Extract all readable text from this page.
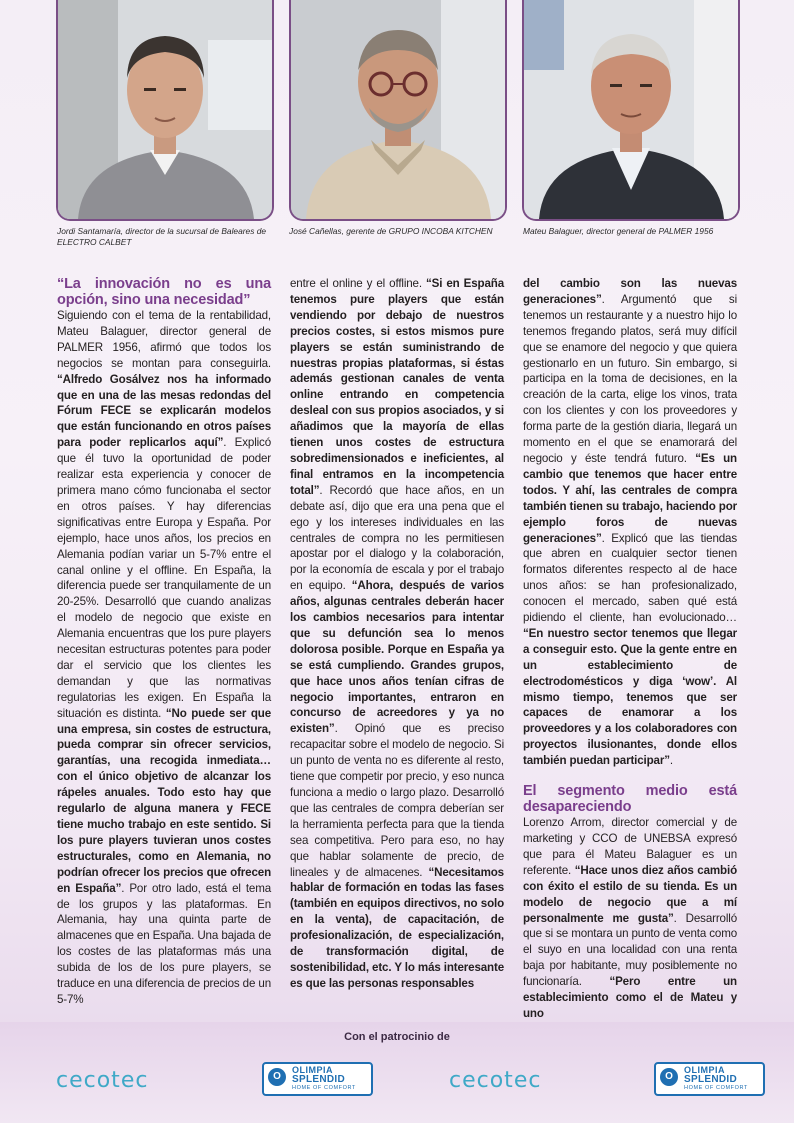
Jordi Santamaría, director de la sucursal de Baleares de ELECTRO CALBET
José Cañellas, gerente de GRUPO INCOBA KITCHEN	Mateu Balaguer, director general de PALMER 1956

“La innovación no es una opción, sino una necesidad”

Siguiendo con el tema de la rentabilidad, Mateu Balaguer, director general de PALMER 1956, afirmó que todos los negocios se montan para conseguirla. “Alfredo Gosálvez nos ha informado que en una de las mesas redondas del Fórum FECE se explicarán modelos que están funcionando en otros países para poder replicarlos aquí”. Explicó que él tuvo la oportunidad de poder realizar esta experiencia y conocer de primera mano cómo funcionaba el sector en otros países. Y hay diferencias significativas entre Europa y España. Por ejemplo, hace unos años, los precios en Alemania podían variar un 5-7% entre el canal online y el offline. En España, la diferencia puede ser tranquilamente de un 20-25%. Desarrolló que cuando analizas el modelo de negocio que existe en Alemania encuentras que los pure players necesitan estructuras potentes para poder dar el servicio que los clientes les demandan y que las normativas regulatorias les exigen. En España la situación es distinta. “No puede ser que una empresa, sin costes de estructura, pueda comprar sin ofrecer servicios, garantías, una recogida inmediata… con el único objetivo de alcanzar los rápeles anuales. Todo esto hay que regularlo de alguna manera y FECE tiene mucho trabajo en este sentido. Si los pure players tuvieran unos costes estructurales, como en Alemania, no podrían ofrecer los precios que ofrecen en España”. Por otro lado, está el tema de los grupos y las plataformas. En Alemania, hay una quinta parte de almacenes que en España. Una bajada de los costes de las plataformas más una subida de los de los pure players, se traduce en una diferencia de precios de un 5-7%

entre el online y el offline. “Si en España tenemos pure players que están vendiendo por debajo de nuestros precios costes, si estos mismos pure players se están suministrando de nuestras propias plataformas, si éstas además gestionan canales de venta online entrando en competencia desleal con sus propios asociados, y si añadimos que la mayoría de ellas tienen unos costes de estructura sobredimensionados e ineficientes, al final entramos en la incompetencia total”. Recordó que hace años, en un debate así, dijo que era una pena que el ego y los intereses individuales en las centrales de compra no les permitiesen apostar por el dialogo y la colaboración, por la economía de escala y por el trabajo en equipo. “Ahora, después de varios años, algunas centrales deberán hacer los cambios necesarios para intentar que su defunción sea lo menos dolorosa posible. Porque en España ya se está cumpliendo. Grandes grupos, que hace unos años tenían cifras de negocio importantes, entraron en concurso de acreedores y ya no existen”. Opinó que es preciso recapacitar sobre el modelo de negocio. Si un punto de venta no es diferente al resto, tiene que competir por precio, y eso nunca funciona a medio o largo plazo. Desarrolló que las centrales de compra deberían ser la herramienta perfecta para que la tienda sea competitiva. Pero para eso, no hay que hablar solamente de precio, de lineales y de almacenes. “Necesitamos hablar de formación en todas las fases (también en equipos directivos, no solo en la venta), de capacitación, de profesionalización, de especialización, de transformación digital, de sostenibilidad, etc. Y lo más interesante es que las personas responsables

del cambio son las nuevas generaciones”. Argumentó que si tenemos un restaurante y a nuestro hijo lo tenemos fregando platos, será muy difícil que se enamore del negocio y que quiera gestionarlo en un futuro. Sin embargo, si participa en la toma de decisiones, en la creación de la carta, elige los vinos, trata con los clientes y con los proveedores y forma parte de la gestión diaria, llegará un momento en el que se enamorará del negocio y éste tendrá futuro. “Es un cambio que tenemos que hacer entre todos. Y ahí, las centrales de compra también tienen su trabajo, haciendo por ejemplo foros de nuevas generaciones”. Explicó que las tiendas que abren en cualquier sector tienen formatos diferentes respecto al de hace unos años: se han profesionalizado, conocen el mercado, saben qué está pidiendo el cliente, han evolucionado… “En nuestro sector tenemos que llegar a conseguir esto. Que la gente entre en un establecimiento de electrodomésticos y diga ‘wow’. Al mismo tiempo, tenemos que ser capaces de enamorar a los proveedores y a los colaboradores con proyectos ilusionantes, donde ellos también puedan participar”.

El segmento medio está desapareciendo

Lorenzo Arrom, director comercial y de marketing y CCO de UNEBSA expresó que para él Mateu Balaguer es un referente. “Hace unos diez años cambió con éxito el estilo de su tienda. Es un modelo de negocio que a mí personalmente me gusta”. Desarrolló que si se montara un punto de venta como el suyo en una localidad con una renta baja por habitante, muy posiblemente no funcionaría. “Pero entre un establecimiento como el de Mateu y uno

Con el patrocinio de
cecotec	O
OLIMPIA
SPLENDID
HOME OF COMFORT	cecotec	O
OLIMPIA
SPLENDID
HOME OF COMFORT
